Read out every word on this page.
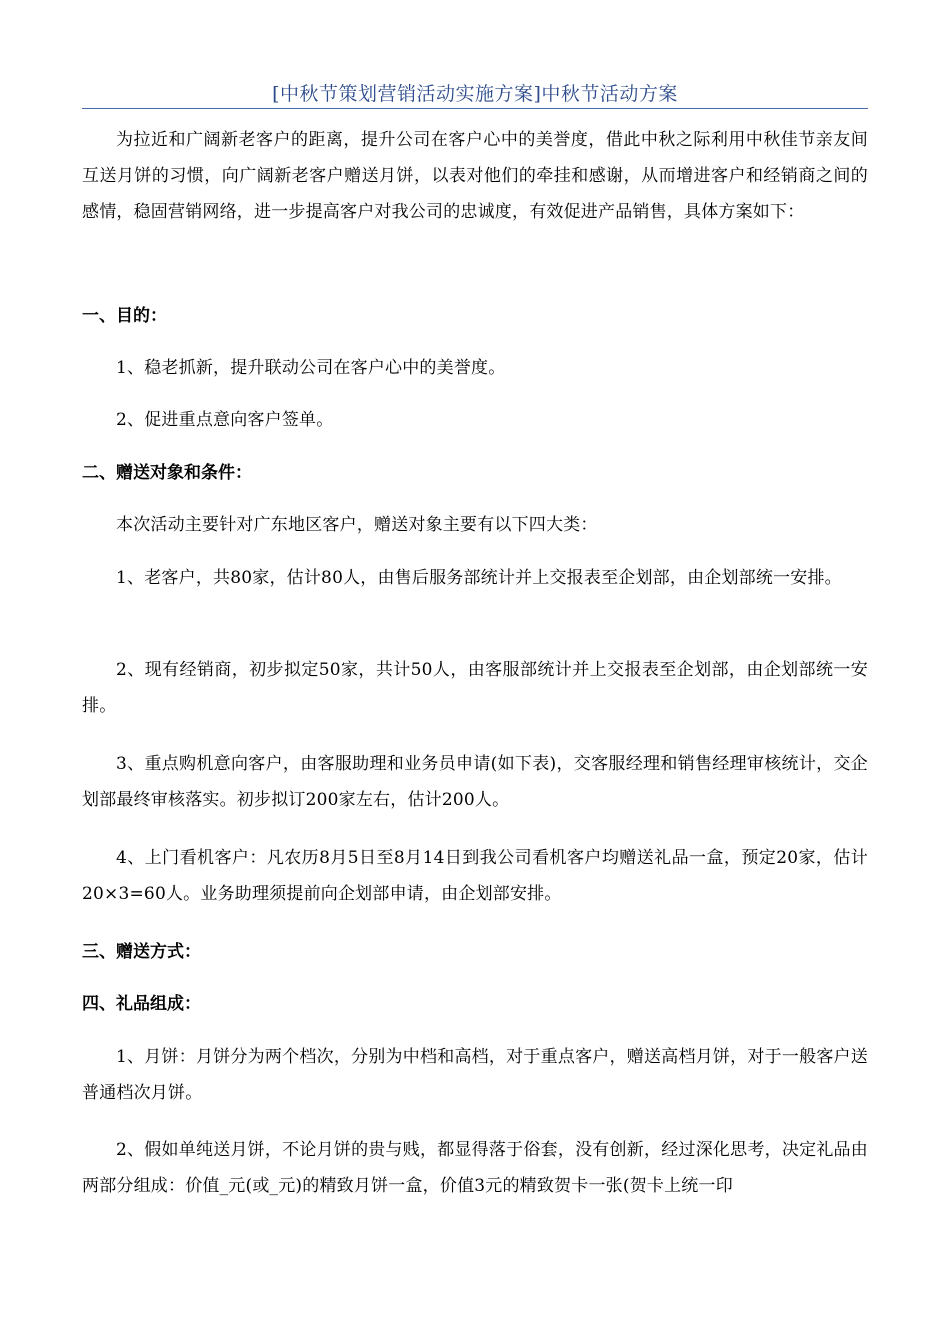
[中秋节策划营销活动实施方案]中秋节活动方案
为拉近和广阔新老客户的距离，提升公司在客户心中的美誉度，借此中秋之际利用中秋佳节亲友间互送月饼的习惯，向广阔新老客户赠送月饼，以表对他们的牵挂和感谢，从而增进客户和经销商之间的感情，稳固营销网络，进一步提高客户对我公司的忠诚度，有效促进产品销售，具体方案如下：
一、目的：
1、稳老抓新，提升联动公司在客户心中的美誉度。
2、促进重点意向客户签单。
二、赠送对象和条件：
本次活动主要针对广东地区客户，赠送对象主要有以下四大类：
1、老客户，共80家，估计80人，由售后服务部统计并上交报表至企划部，由企划部统一安排。
2、现有经销商，初步拟定50家，共计50人，由客服部统计并上交报表至企划部，由企划部统一安排。
3、重点购机意向客户，由客服助理和业务员申请(如下表)，交客服经理和销售经理审核统计，交企划部最终审核落实。初步拟订200家左右，估计200人。
4、上门看机客户：凡农历8月5日至8月14日到我公司看机客户均赠送礼品一盒，预定20家，估计20×3=60人。业务助理须提前向企划部申请，由企划部安排。
三、赠送方式：
四、礼品组成：
1、月饼：月饼分为两个档次，分别为中档和高档，对于重点客户，赠送高档月饼，对于一般客户送普通档次月饼。
2、假如单纯送月饼，不论月饼的贵与贱，都显得落于俗套，没有创新，经过深化思考，决定礼品由两部分组成：价值_元(或_元)的精致月饼一盒，价值3元的精致贺卡一张(贺卡上统一印
